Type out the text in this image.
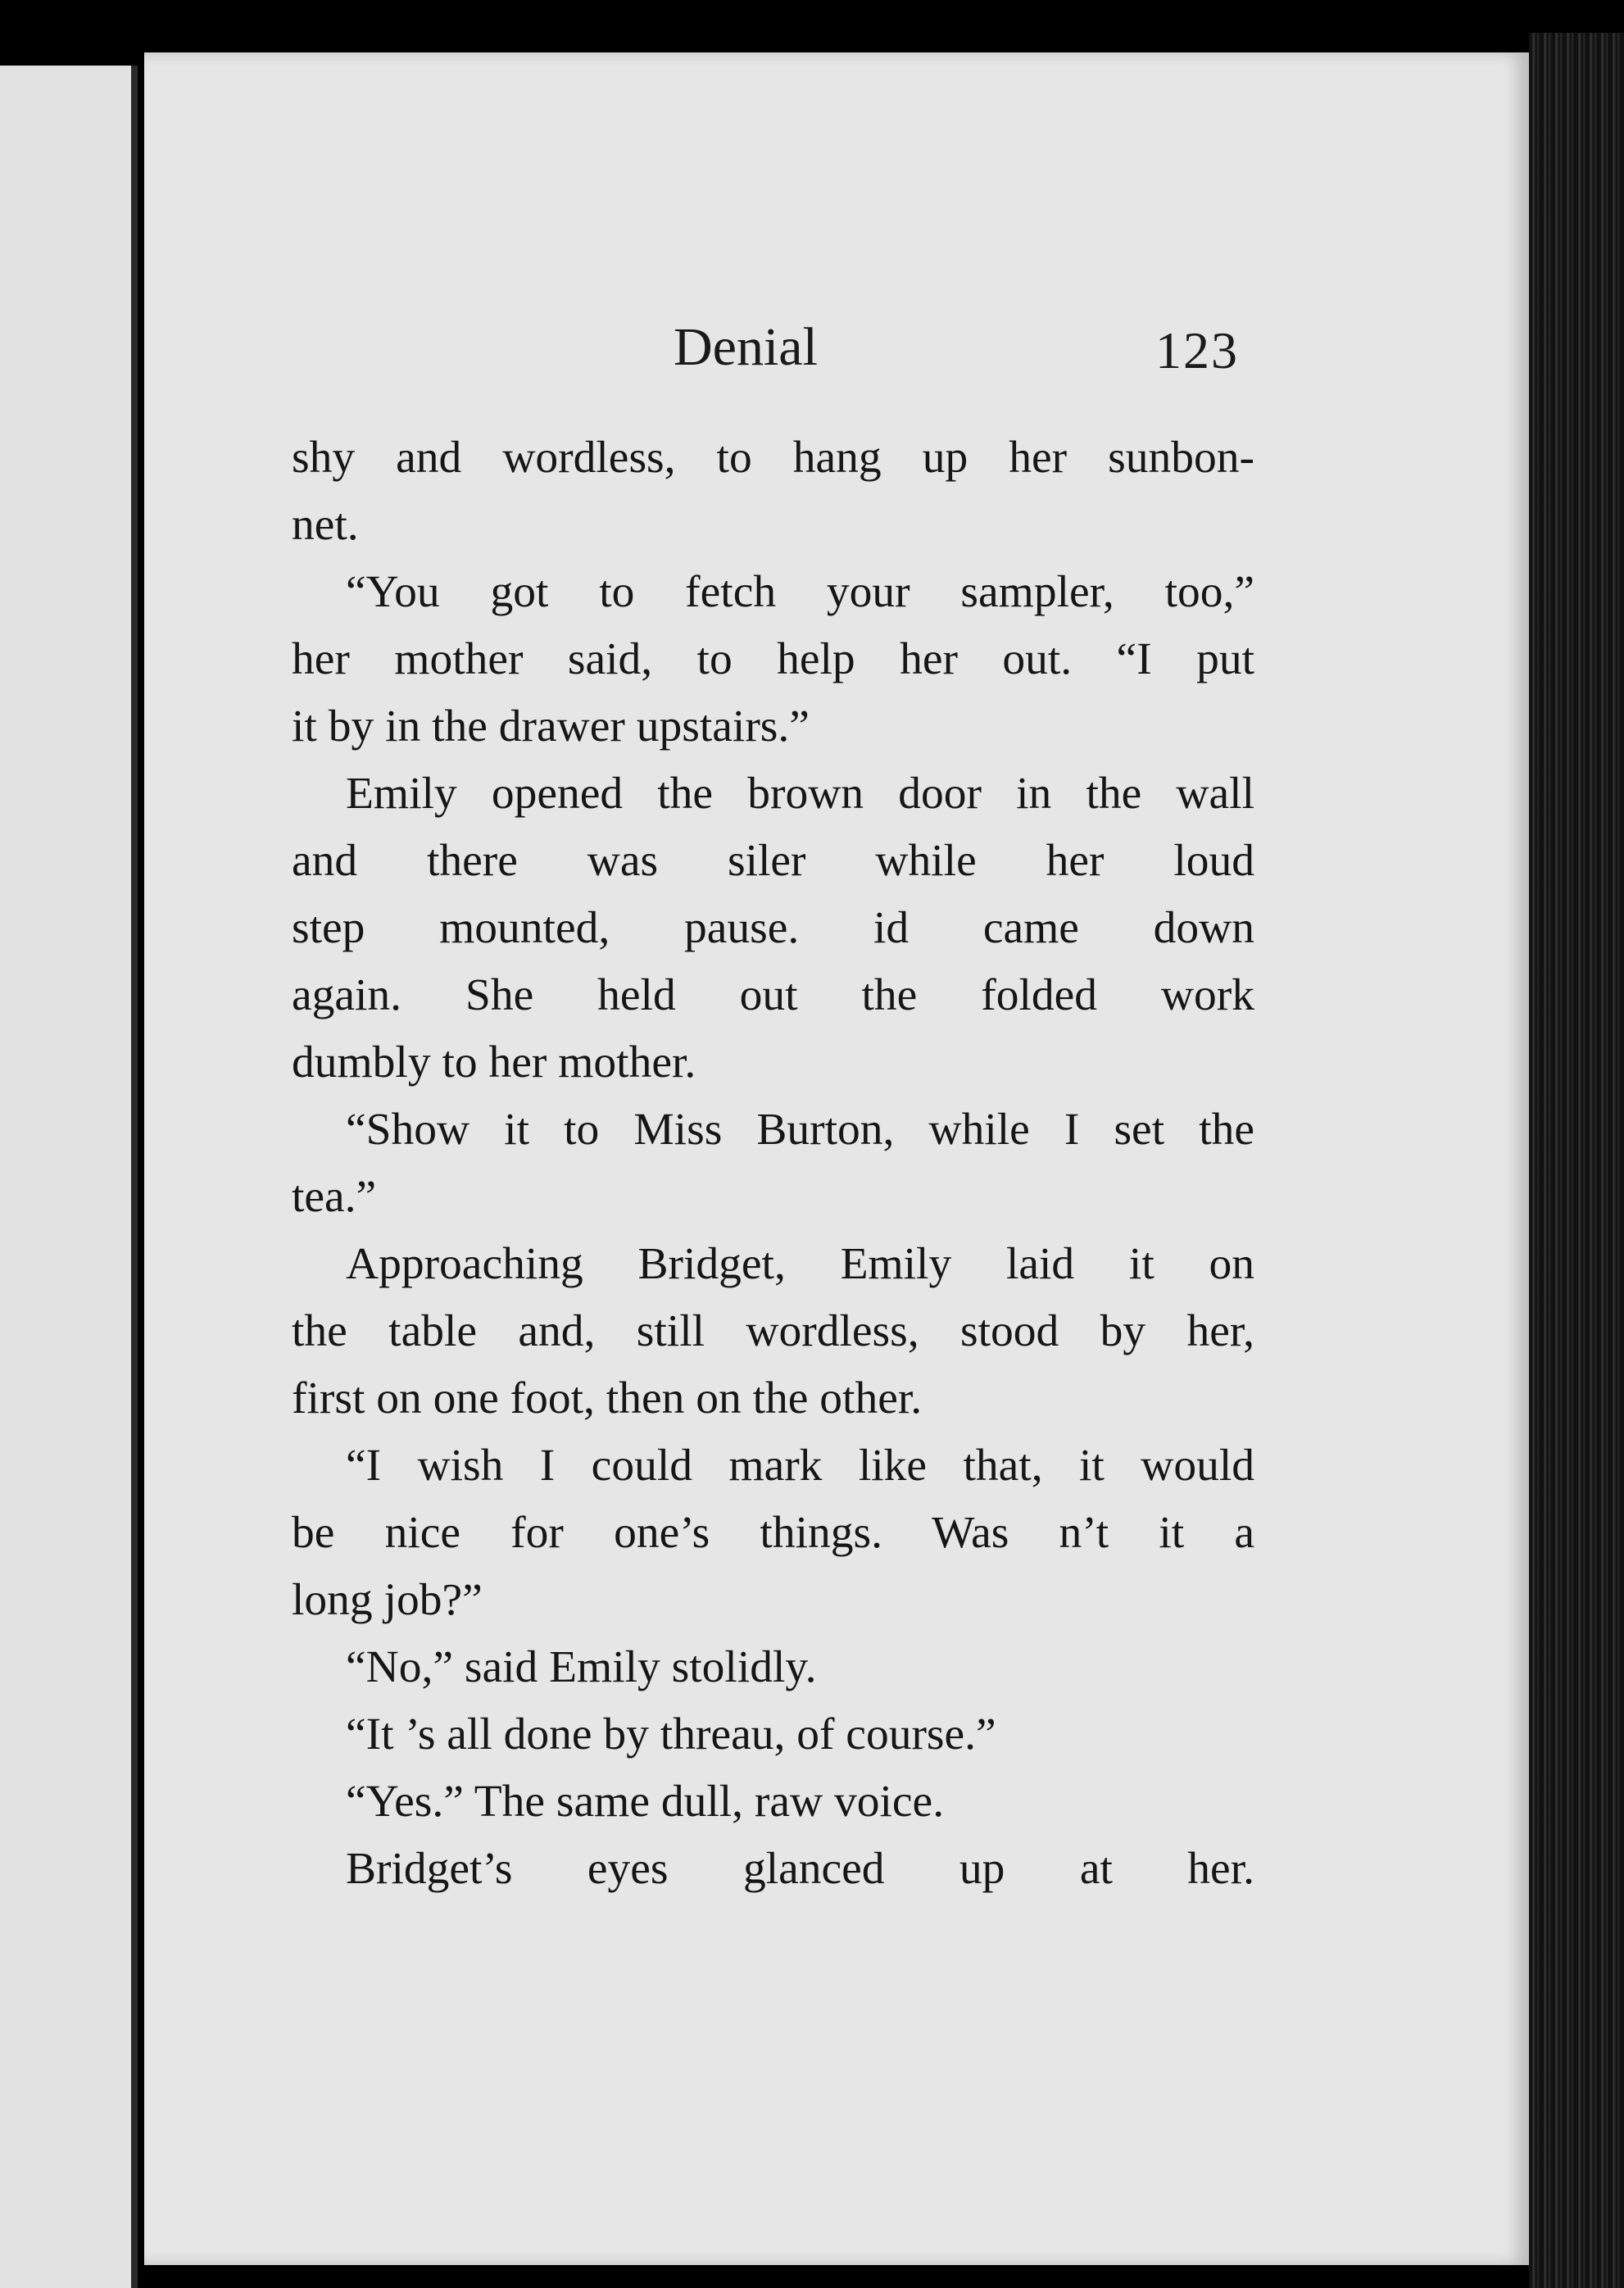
Denial	123
shy and wordless, to hang up her sunbon-
net.
“You got to fetch your sampler, too,”
her mother said, to help her out. “I put
it by in the drawer upstairs.”
Emily opened the brown door in the wall
and there was siler while her loud
step mounted, pause. id came down
again. She held out the folded work
dumbly to her mother.
“Show it to Miss Burton, while I set the
tea.”
Approaching Bridget, Emily laid it on
the table and, still wordless, stood by her,
first on one foot, then on the other.
“I wish I could mark like that, it would
be nice for one’s things. Was n’t it a
long job?”
“No,” said Emily stolidly.
“It ’s all done by threau, of course.”
“Yes.” The same dull, raw voice.
Bridget’s eyes glanced up at her.
